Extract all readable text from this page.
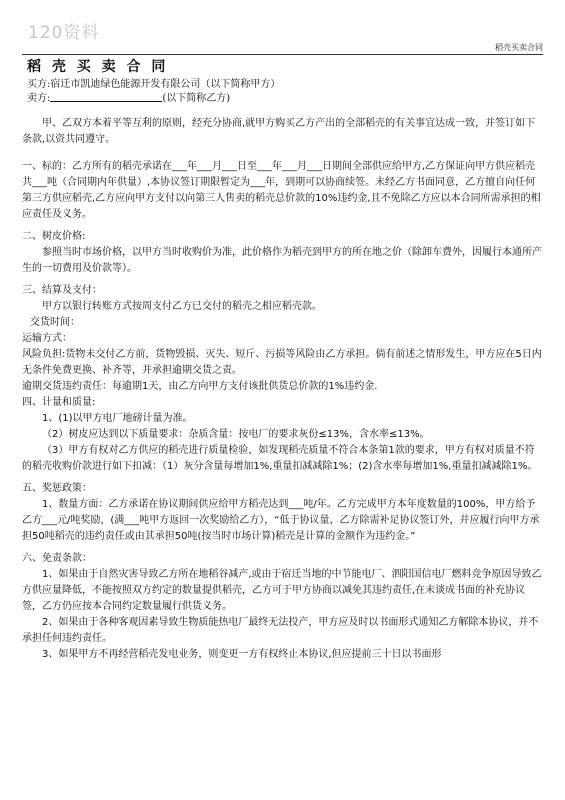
120资料
稻壳买卖合同
稻 壳 买 卖 合 同
买方:宿迁市凯迪绿色能源开发有限公司（以下简称甲方）
卖方:	(以下简称乙方)

甲、乙双方本着平等互利的原则，经充分协商,就甲方购买乙方产出的全部稻壳的有关事宜达成一致，并签订如下条款,以资共同遵守。

一、标的：乙方所有的稻壳承诺在___年___月___日至___年___月___日期间全部供应给甲方,乙方保证向甲方供应稻壳共___吨（合同期内年供量）,本协议签订期限暂定为___年，到期可以协商续签。未经乙方书面同意，乙方擅自向任何第三方供应稻壳,乙方应向甲方支付以向第三人售卖的稻壳总价款的10%违约金,且不免除乙方应以本合同所需承担的相应责任及义务。

二、树皮价格:

参照当时市场价格，以甲方当时收购价为准，此价格作为稻壳到甲方的所在地之价（除卸车费外，因履行本通所产生的一切费用及价款等）。

三、结算及支付：

甲方以银行转账方式按周支付乙方已交付的稻壳之相应稻壳款。

交货时间：

运输方式：

风险负担:货物未交付乙方前，货物毁损、灭失、短斤、污损等风险由乙方承担。倘有前述之情形发生，甲方应在5日内无条件免费更换、补齐等，并承担逾期交货之责。

逾期交货违约责任：每逾期1天，由乙方向甲方支付该批供货总价款的1%违约金.

四、计量和质量:

1、(1)以甲方电厂地磅计量为准。

（2）树皮应达到以下质量要求：杂质含量：按电厂的要求灰份≤13%，含水率≤13%。

（3）甲方有权对乙方供应的稻壳进行质量检验，如发现稻壳质量不符合本条第1款的要求，甲方有权对质量不符的稻壳收购价款进行如下扣减：（1）灰分含量每增加1%,重量扣减减除1%；(2)含水率每增加1%,重量扣减减除1%。

五、奖惩政策：

1、数量方面：乙方承诺在协议期间供应给甲方稻壳达到___吨/年。乙方完成甲方本年度数量的100%，甲方给予乙方___元/吨奖励，(满___吨甲方返回一次奖励给乙方），“低于协议量，乙方除需补足协议签订外，并应履行向甲方承担50吨稻壳的违约责任或由其承担50吨(按当时市场计算)稻壳是计算的金额作为违约金。”

六、免责条款：

1、如果由于自然灾害导致乙方所在地稻谷减产,或由于宿迁当地的中节能电厂、泗阳国信电厂燃料竞争原因导致乙方供应量降低，不能按照双方约定的数量提供稻壳，乙方可于甲方协商以减免其违约责任,在未谈成书面的补充协议签，乙方仍应按本合同约定数量履行供货义务。

2、如果由于各种客观因素导致生物质能热电厂最终无法投产，甲方应及时以书面形式通知乙方解除本协议，并不承担任何违约责任。

3、如果甲方不再经营稻壳发电业务，则变更一方有权终止本协议,但应提前三十日以书面形
